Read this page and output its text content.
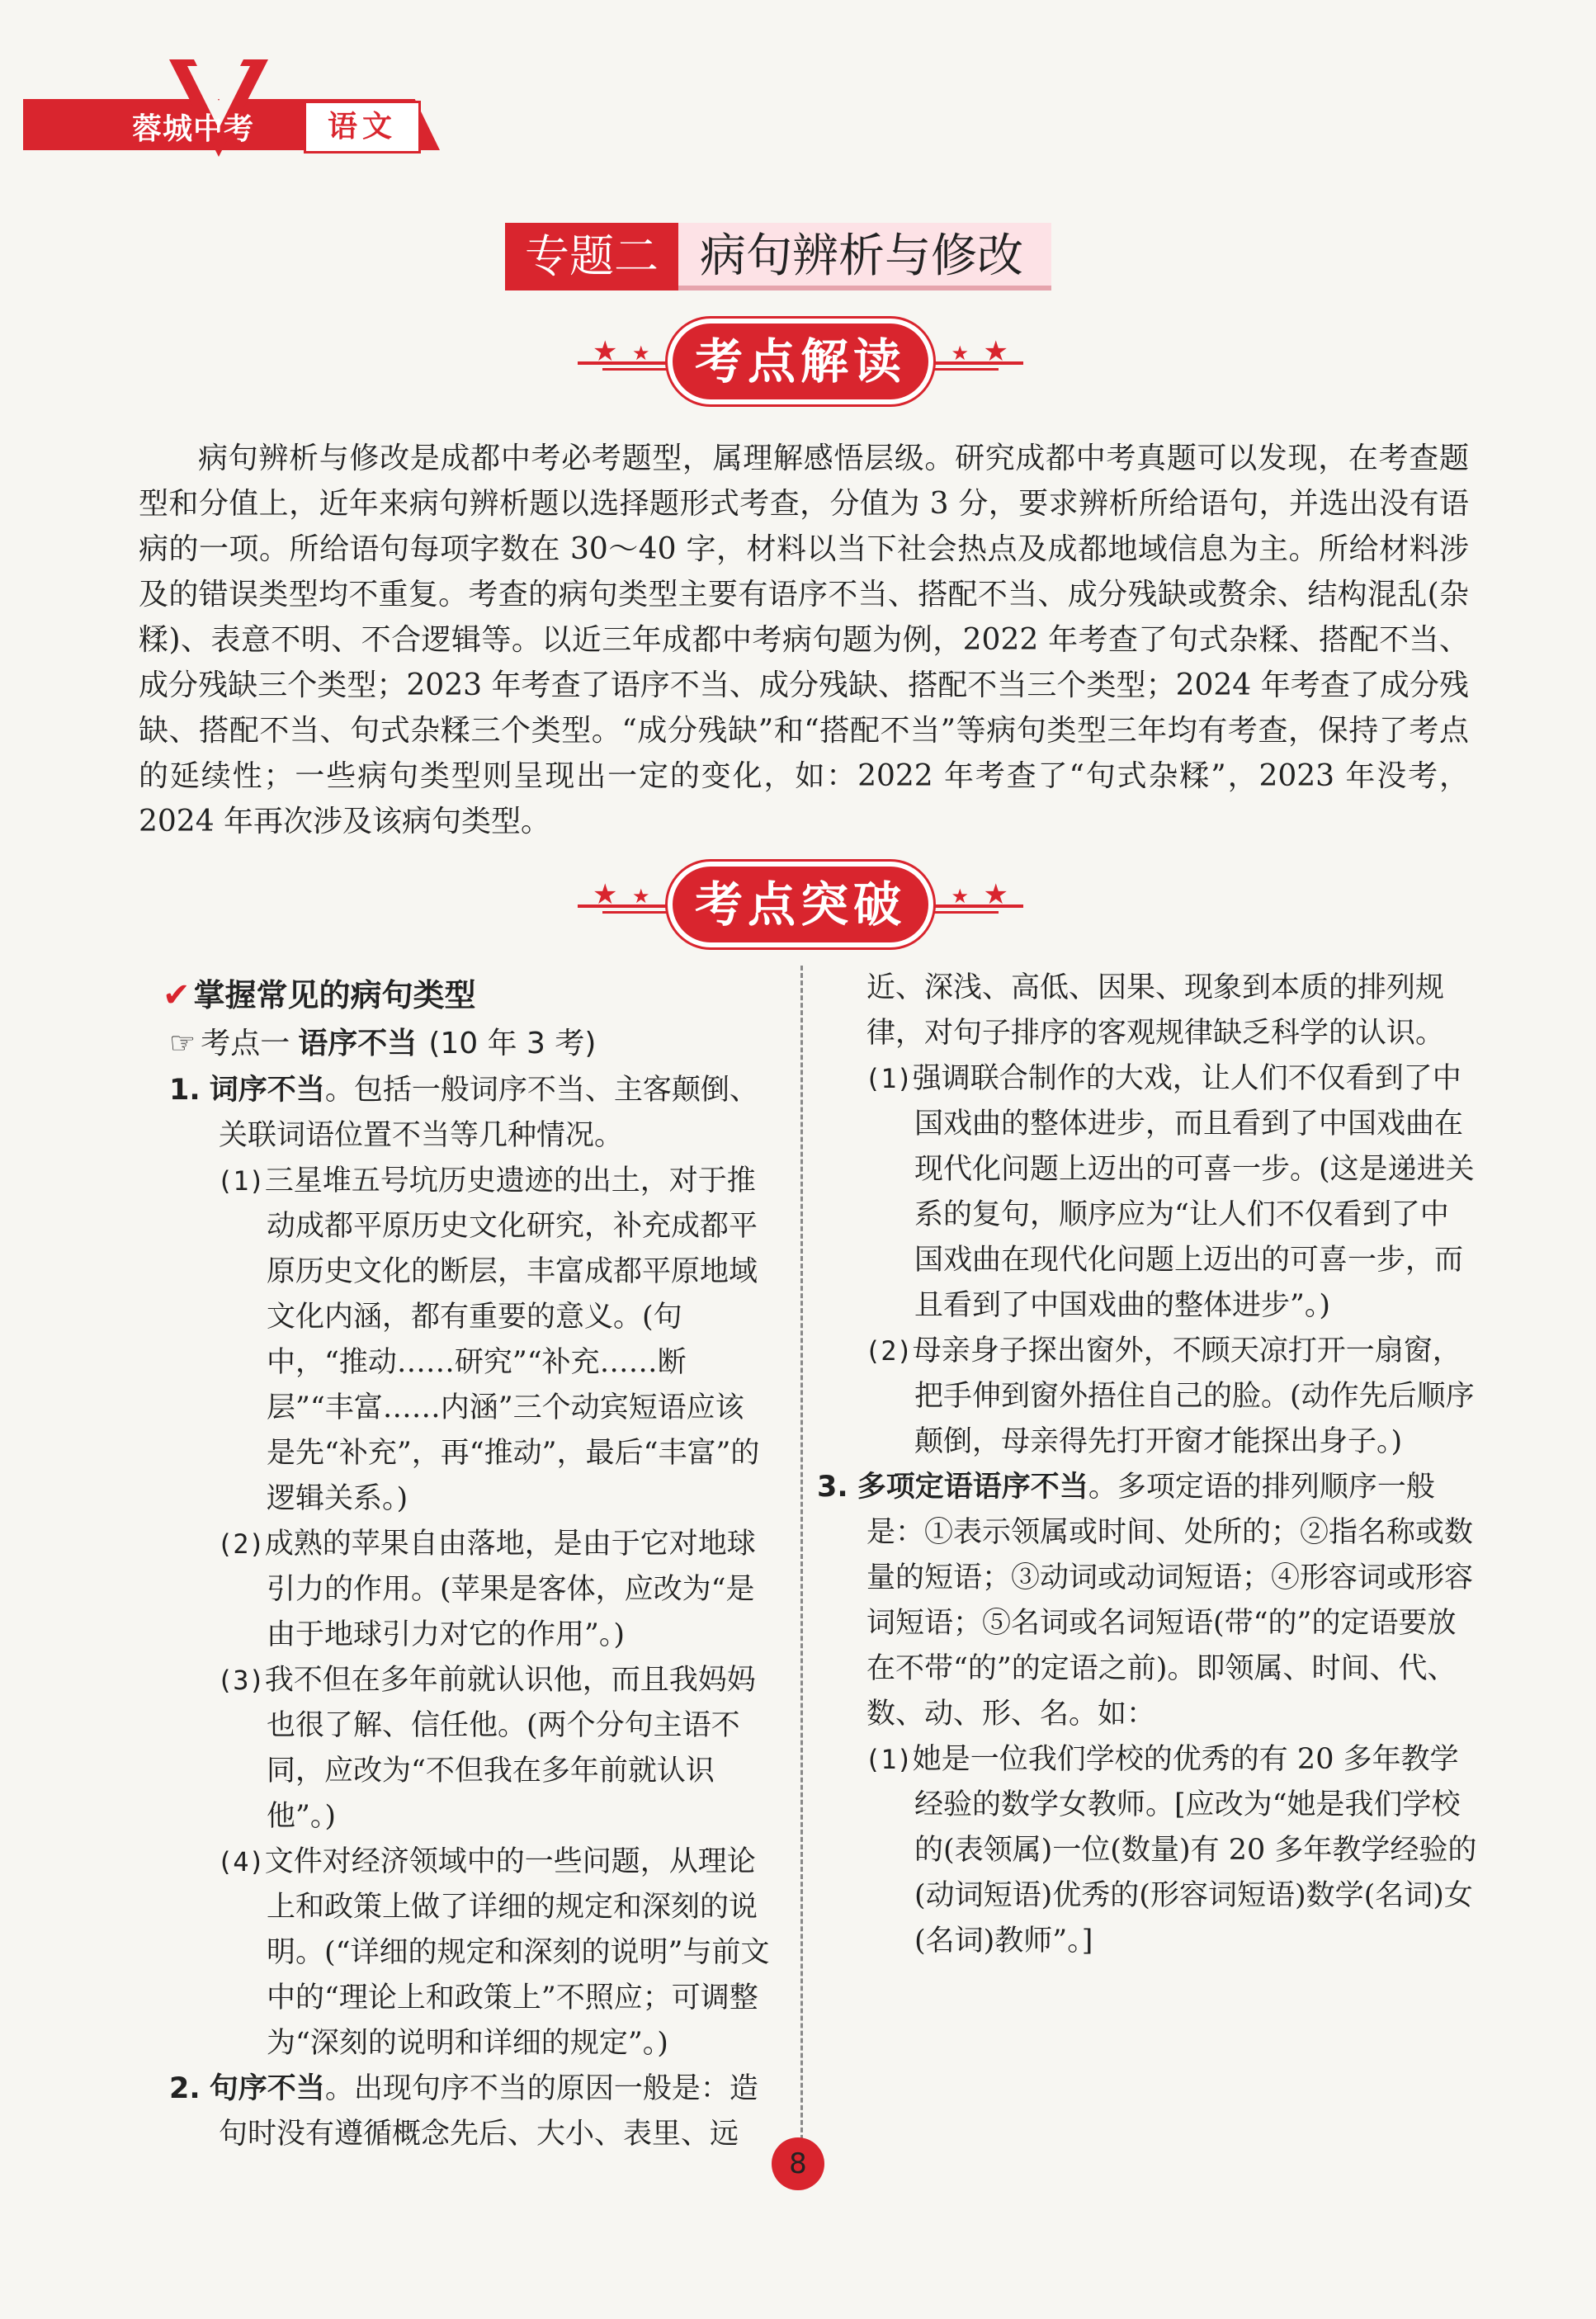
蓉城中考	语文
专题二 病句辨析与修改
★ ★	★
★
考点解读

病句辨析与修改是成都中考必考题型，属理解感悟层级。研究成都中考真题可以发现，在考查题型和分值上，近年来病句辨析题以选择题形式考查，分值为 3 分，要求辨析所给语句，并选出没有语病的一项。所给语句每项字数在 30～40 字，材料以当下社会热点及成都地域信息为主。所给材料涉及的错误类型均不重复。考查的病句类型主要有语序不当、搭配不当、成分残缺或赘余、结构混乱(杂糅)、表意不明、不合逻辑等。以近三年成都中考病句题为例，2022 年考查了句式杂糅、搭配不当、成分残缺三个类型；2023 年考查了语序不当、成分残缺、搭配不当三个类型；2024 年考查了成分残缺、搭配不当、句式杂糅三个类型。“成分残缺”和“搭配不当”等病句类型三年均有考查，保持了考点的延续性；一些病句类型则呈现出一定的变化，如：2022 年考查了“句式杂糅”，2023 年没考，2024 年再次涉及该病句类型。

★ ★	★
★
考点突破
✔ 掌握常见的病句类型
☞ 考点一 语序不当 (10 年 3 考)

1. 词序不当。包括一般词序不当、主客颠倒、关联词语位置不当等几种情况。

(1)三星堆五号坑历史遗迹的出土，对于推动成都平原历史文化研究，补充成都平原历史文化的断层，丰富成都平原地域文化内涵，都有重要的意义。(句中，“推动……研究”“补充……断层”“丰富……内涵”三个动宾短语应该是先“补充”，再“推动”，最后“丰富”的逻辑关系。)

(2)成熟的苹果自由落地，是由于它对地球引力的作用。(苹果是客体，应改为“是由于地球引力对它的作用”。)

(3)我不但在多年前就认识他，而且我妈妈也很了解、信任他。(两个分句主语不同，应改为“不但我在多年前就认识他”。)

(4)文件对经济领域中的一些问题，从理论上和政策上做了详细的规定和深刻的说明。(“详细的规定和深刻的说明”与前文中的“理论上和政策上”不照应；可调整为“深刻的说明和详细的规定”。)

2. 句序不当。出现句序不当的原因一般是：造句时没有遵循概念先后、大小、表里、远

近、深浅、高低、因果、现象到本质的排列规律，对句子排序的客观规律缺乏科学的认识。

(1)强调联合制作的大戏，让人们不仅看到了中国戏曲的整体进步，而且看到了中国戏曲在现代化问题上迈出的可喜一步。(这是递进关系的复句，顺序应为“让人们不仅看到了中国戏曲在现代化问题上迈出的可喜一步，而且看到了中国戏曲的整体进步”。)

(2)母亲身子探出窗外，不顾天凉打开一扇窗，把手伸到窗外捂住自己的脸。(动作先后顺序颠倒，母亲得先打开窗才能探出身子。)

3. 多项定语语序不当。多项定语的排列顺序一般是：①表示领属或时间、处所的；②指名称或数量的短语；③动词或动词短语；④形容词或形容词短语；⑤名词或名词短语(带“的”的定语要放在不带“的”的定语之前)。即领属、时间、代、数、动、形、名。如：

(1)她是一位我们学校的优秀的有 20 多年教学经验的数学女教师。[应改为“她是我们学校的(表领属)一位(数量)有 20 多年教学经验的(动词短语)优秀的(形容词短语)数学(名词)女(名词)教师”。]

8
